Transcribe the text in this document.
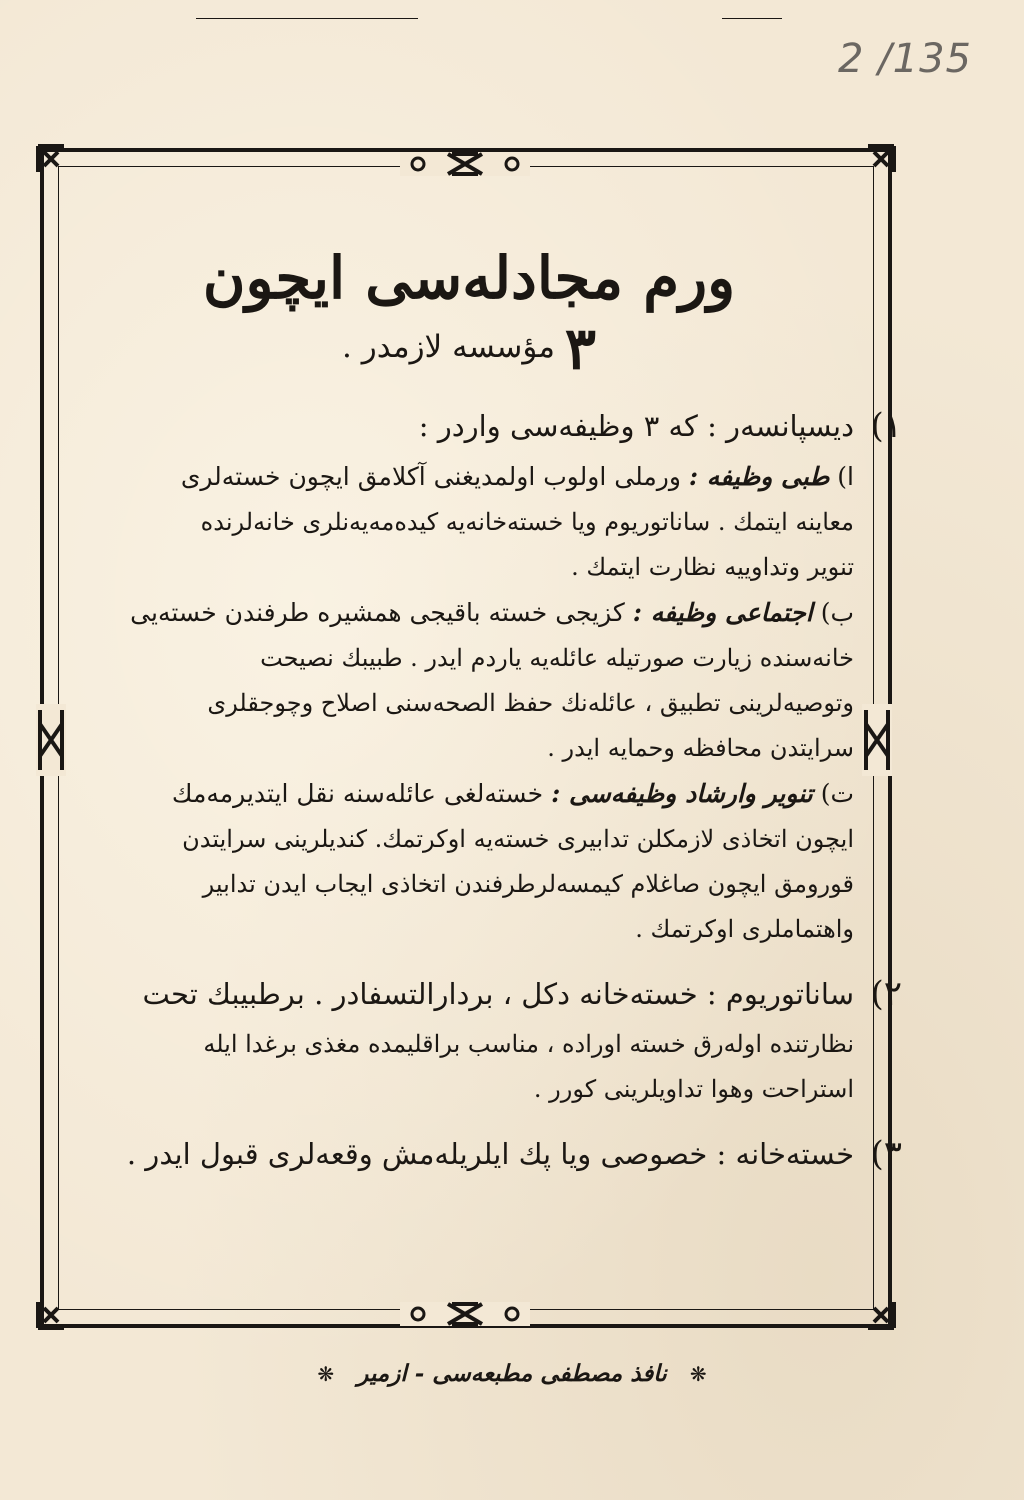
2 /135
ورم مجادلەسی ایچون
٣ مؤسسه لازمدر .
١)
دیسپانسەر : کە ٣ وظیفەسی واردر :
ا) طبی وظیفه : ورملی اولوب اولمدیغنی آکلامق ایچون خستەلری
معاینه ایتمك . ساناتوریوم ویا خستەخانەیه کیدەمەیەنلری خانەلرنده
تنویر وتداوییه نظارت ایتمك .
ب) اجتماعی وظیفه : کزیجی خسته باقیجی همشیره طرفندن خستەیی
خانەسنده زیارت صورتیله عائلەیه یاردم ایدر . طبیبك نصیحت
وتوصیەلرینی تطبیق ، عائلەنك حفظ الصحەسنی اصلاح وچوجقلری
سرایتدن محافظه وحمایه ایدر .
ت) تنویر وارشاد وظیفەسی : خستەلغی عائلەسنه نقل ایتدیرمەمك
ایچون اتخاذی لازمکلن تدابیری خستەیه اوکرتمك. کندیلرینی سرایتدن
قورومق ایچون صاغلام کیمسەلرطرفندن اتخاذی ایجاب ایدن تدابیر
واهتماملری اوکرتمك .
٢)
ساناتوریوم : خستەخانه دکل ، بردارالتسفادر . برطبیبك تحت
نظارتنده اولەرق خسته اوراده ، مناسب براقلیمده مغذی برغدا ایله
استراحت وهوا تداویلرینی کورر .
٣)
خستەخانه : خصوصی ویا پك ایلریلەمش وقعەلری قبول ایدر .
❋ نافذ مصطفی مطبعەسی - ازمیر ❋
